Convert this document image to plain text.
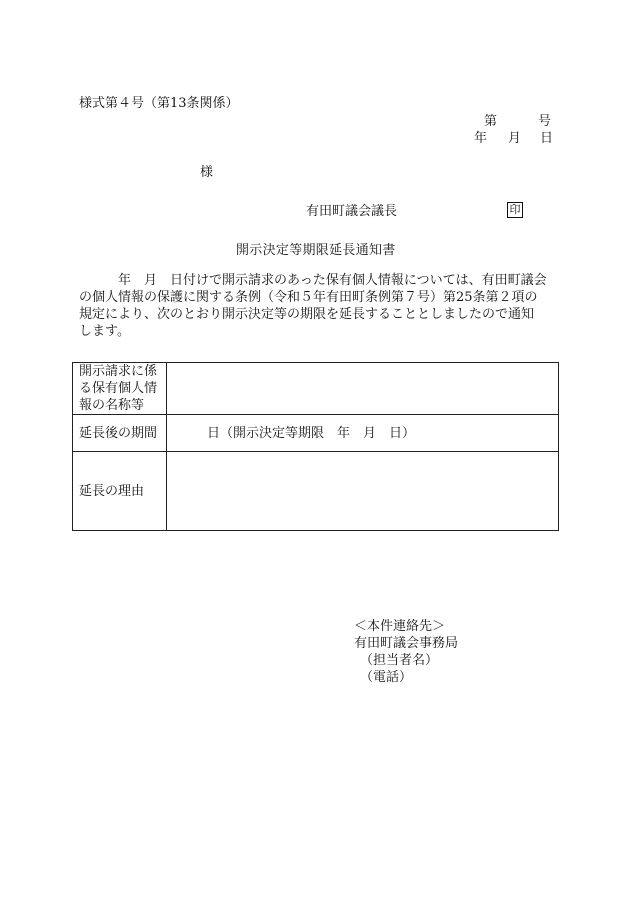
様式第４号（第13条関係）
第	号
年 月 日
様
有田町議会議長	印
開示決定等期限延長通知書
年　月　日付けで開示請求のあった保有個人情報については、有田町議会
の個人情報の保護に関する条例（令和５年有田町条例第７号）第25条第２項の
規定により、次のとおり開示決定等の期限を延長することとしましたので通知
します。
開示請求に係
る保有個人情
報の名称等	

延長後の期間	日（開示決定等期限　年　月　日）
延長の理由	
＜本件連絡先＞
有田町議会事務局
（担当者名）
（電話）
